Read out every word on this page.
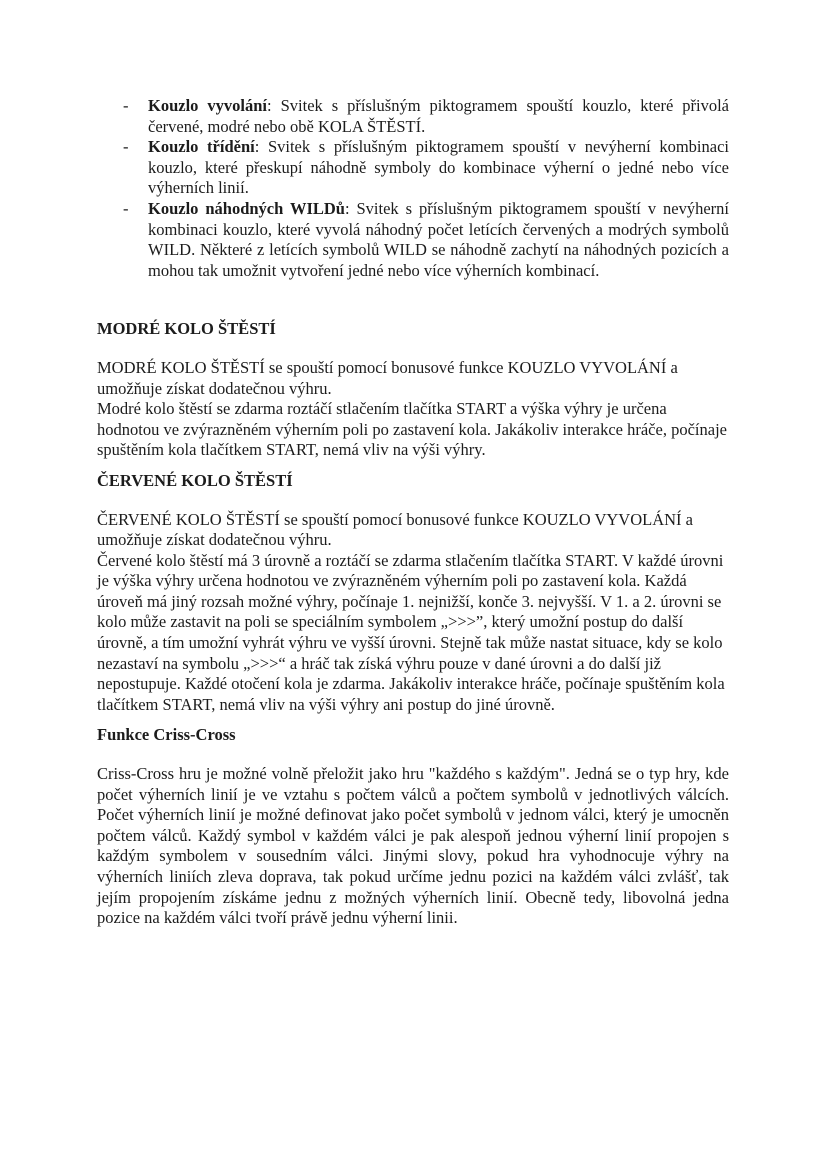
- Kouzlo vyvolání: Svitek s příslušným piktogramem spouští kouzlo, které přivolá červené, modré nebo obě KOLA ŠTĚSTÍ.
- Kouzlo třídění: Svitek s příslušným piktogramem spouští v nevýherní kombinaci kouzlo, které přeskupí náhodně symboly do kombinace výherní o jedné nebo více výherních linií.
- Kouzlo náhodných WILDů: Svitek s příslušným piktogramem spouští v nevýherní kombinaci kouzlo, které vyvolá náhodný počet letících červených a modrých symbolů WILD. Některé z letících symbolů WILD se náhodně zachytí na náhodných pozicích a mohou tak umožnit vytvoření jedné nebo více výherních kombinací.
MODRÉ KOLO ŠTĚSTÍ

MODRÉ KOLO ŠTĚSTÍ se spouští pomocí bonusové funkce KOUZLO VYVOLÁNÍ a umožňuje získat dodatečnou výhru.

Modré kolo štěstí se zdarma roztáčí stlačením tlačítka START a výška výhry je určena hodnotou ve zvýrazněném výherním poli po zastavení kola. Jakákoliv interakce hráče, počínaje spuštěním kola tlačítkem START, nemá vliv na výši výhry.

ČERVENÉ KOLO ŠTĚSTÍ

ČERVENÉ KOLO ŠTĚSTÍ se spouští pomocí bonusové funkce KOUZLO VYVOLÁNÍ a umožňuje získat dodatečnou výhru.

Červené kolo štěstí má 3 úrovně a roztáčí se zdarma stlačením tlačítka START. V každé úrovni je výška výhry určena hodnotou ve zvýrazněném výherním poli po zastavení kola. Každá úroveň má jiný rozsah možné výhry, počínaje 1. nejnižší, konče 3. nejvyšší. V 1. a 2. úrovni se kolo může zastavit na poli se speciálním symbolem „>>>”, který umožní postup do další úrovně, a tím umožní vyhrát výhru ve vyšší úrovni. Stejně tak může nastat situace, kdy se kolo nezastaví na symbolu „>>>“ a hráč tak získá výhru pouze v dané úrovni a do další již nepostupuje. Každé otočení kola je zdarma. Jakákoliv interakce hráče, počínaje spuštěním kola tlačítkem START, nemá vliv na výši výhry ani postup do jiné úrovně.

Funkce Criss-Cross

Criss-Cross hru je možné volně přeložit jako hru "každého s každým". Jedná se o typ hry, kde počet výherních linií je ve vztahu s počtem válců a počtem symbolů v jednotlivých válcích. Počet výherních linií je možné definovat jako počet symbolů v jednom válci, který je umocněn počtem válců. Každý symbol v každém válci je pak alespoň jednou výherní linií propojen s každým symbolem v sousedním válci. Jinými slovy, pokud hra vyhodnocuje výhry na výherních liniích zleva doprava, tak pokud určíme jednu pozici na každém válci zvlášť, tak jejím propojením získáme jednu z možných výherních linií. Obecně tedy, libovolná jedna pozice na každém válci tvoří právě jednu výherní linii.
